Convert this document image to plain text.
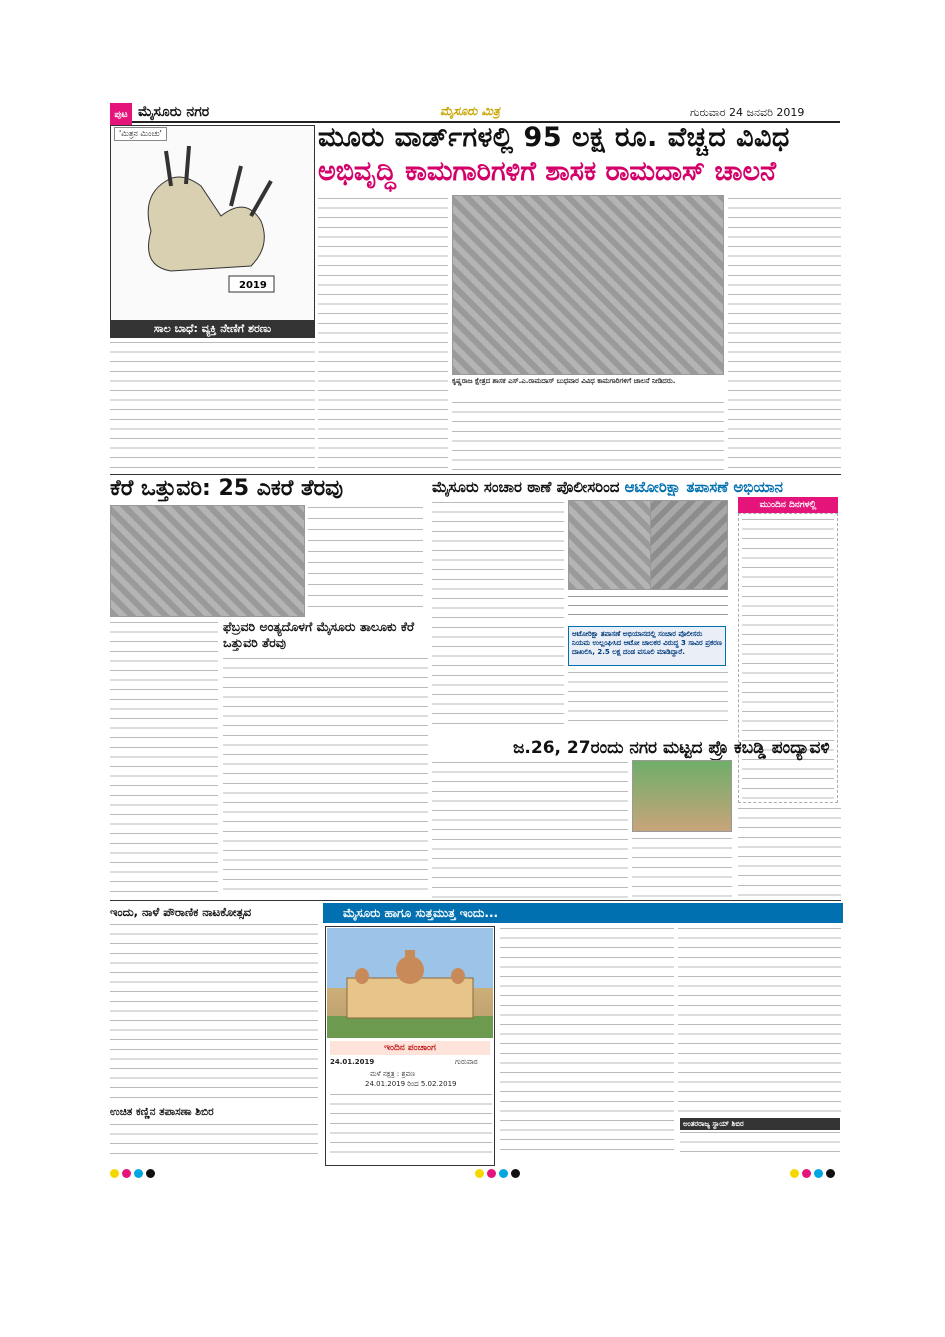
ಪುಟ ಮೈಸೂರು ನಗರ	ಮೈಸೂರು ಮಿತ್ರ	ಗುರುವಾರ 24 ಜನವರಿ 2019
2019
'ಮಿತ್ರನ ಮಿಂಚು'
ಸಾಲ ಬಾಧೆ: ವ್ಯಕ್ತಿ ನೇಣಿಗೆ ಶರಣು
ಮೂರು ವಾರ್ಡ್‌ಗಳಲ್ಲಿ 95 ಲಕ್ಷ ರೂ. ವೆಚ್ಚದ ವಿವಿಧ
ಅಭಿವೃದ್ಧಿ ಕಾಮಗಾರಿಗಳಿಗೆ ಶಾಸಕ ರಾಮದಾಸ್ ಚಾಲನೆ
ಕೃಷ್ಣರಾಜ ಕ್ಷೇತ್ರದ ಶಾಸಕ ಎಸ್.ಎ.ರಾಮದಾಸ್ ಬುಧವಾರ ವಿವಿಧ ಕಾಮಗಾರಿಗಳಿಗೆ ಚಾಲನೆ ನೀಡಿದರು.
ಕೆರೆ ಒತ್ತುವರಿ: 25 ಎಕರೆ ತೆರವು
ಫೆಬ್ರವರಿ ಅಂತ್ಯದೊಳಗೆ ಮೈಸೂರು ತಾಲೂಕು ಕೆರೆ ಒತ್ತುವರಿ ತೆರವು
ಮೈಸೂರು ಸಂಚಾರ ಠಾಣೆ ಪೊಲೀಸರಿಂದ ಆಟೋರಿಕ್ಷಾ ತಪಾಸಣೆ ಅಭಿಯಾನ
ಆಟೋರಿಕ್ಷಾ ತಪಾಸಣೆ ಅಭಿಯಾನದಲ್ಲಿ ಸಂಚಾರ ಪೊಲೀಸರು ನಿಯಮ ಉಲ್ಲಂಘಿಸಿದ ಆಟೋ ಚಾಲಕರ ವಿರುದ್ಧ 3 ಸಾವಿರ ಪ್ರಕರಣ ದಾಖಲಿಸಿ, 2.5 ಲಕ್ಷ ದಂಡ ವಸೂಲಿ ಮಾಡಿದ್ದಾರೆ.
ಮುಂದಿನ ದಿನಗಳಲ್ಲಿ
ಜ.26, 27ರಂದು ನಗರ ಮಟ್ಟದ ಪ್ರೊ ಕಬಡ್ಡಿ ಪಂದ್ಯಾವಳಿ
ಇಂದು, ನಾಳೆ ಪೌರಾಣಿಕ ನಾಟಕೋತ್ಸವ
ಉಚಿತ ಕಣ್ಣಿನ ತಪಾಸಣಾ ಶಿಬಿರ
ಮೈಸೂರು ಹಾಗೂ ಸುತ್ತಮುತ್ತ ಇಂದು...
ಇಂದಿನ ಪಂಚಾಂಗ
24.01.2019	ಗುರುವಾರ
ಮಳೆ ನಕ್ಷತ್ರ : ಶ್ರವಣ
24.01.2019 ರಿಂದ 5.02.2019
ಅಂತರರಾಜ್ಯ ಸ್ಥಾಯ್ ಶಿಬಿರ
